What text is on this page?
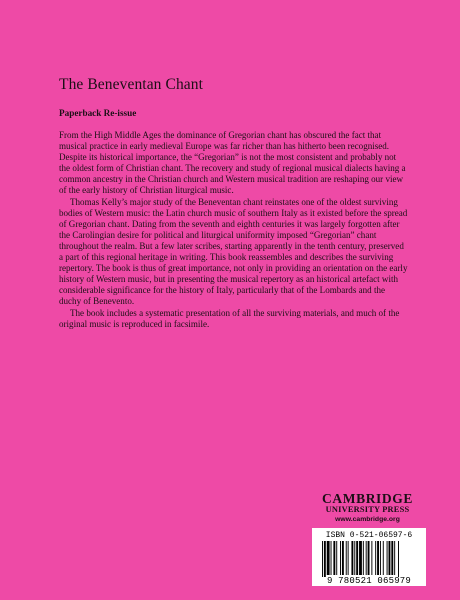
The Beneventan Chant
Paperback Re-issue

From the High Middle Ages the dominance of Gregorian chant has obscured the fact that musical practice in early medieval Europe was far richer than has hitherto been recognised. Despite its historical importance, the “Gregorian” is not the most consistent and probably not the oldest form of Christian chant. The recovery and study of regional musical dialects having a common ancestry in the Christian church and Western musical tradition are reshaping our view of the early history of Christian liturgical music.

Thomas Kelly’s major study of the Beneventan chant reinstates one of the oldest surviving bodies of Western music: the Latin church music of southern Italy as it existed before the spread of Gregorian chant. Dating from the seventh and eighth centuries it was largely forgotten after the Carolingian desire for political and liturgical uniformity imposed “Gregorian” chant throughout the realm. But a few later scribes, starting apparently in the tenth century, preserved a part of this regional heritage in writing. This book reassembles and describes the surviving repertory. The book is thus of great importance, not only in providing an orientation on the early history of Western music, but in presenting the musical repertory as an historical artefact with considerable significance for the history of Italy, particularly that of the Lombards and the duchy of Benevento.

The book includes a systematic presentation of all the surviving materials, and much of the original music is reproduced in facsimile.

CAMBRIDGE
UNIVERSITY PRESS
www.cambridge.org
ISBN 0-521-06597-6
9 780521 065979
